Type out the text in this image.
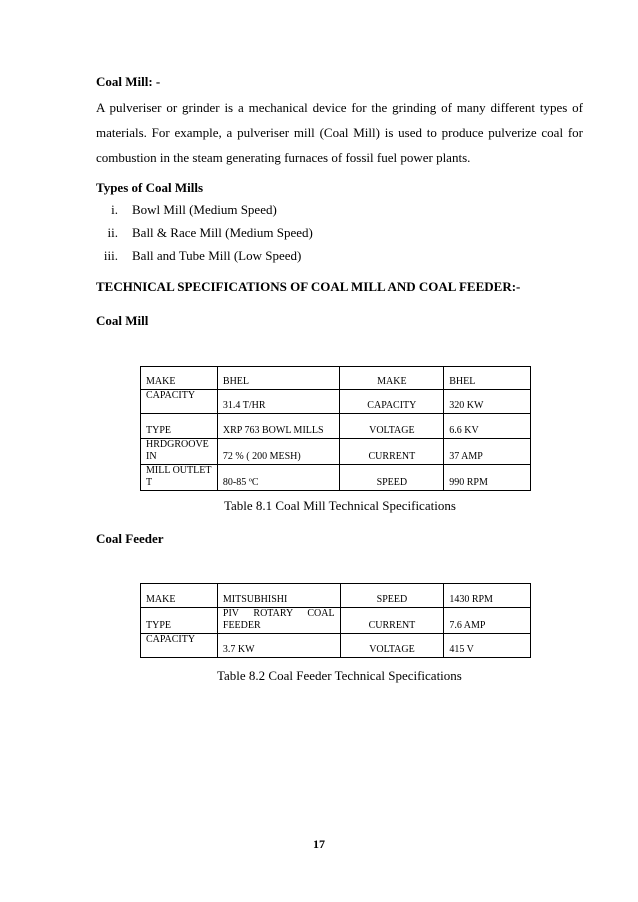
Coal Mill: -

A pulveriser or grinder is a mechanical device for the grinding of many different types of materials. For example, a pulveriser mill (Coal Mill) is used to produce pulverize coal for combustion in the steam generating furnaces of fossil fuel power plants.

Types of Coal Mills
i. Bowl Mill (Medium Speed)
ii. Ball & Race Mill (Medium Speed)
iii. Ball and Tube Mill (Low Speed)
TECHNICAL SPECIFICATIONS OF COAL MILL AND COAL FEEDER:-
Coal Mill
MAKE	BHEL	MAKE	BHEL
CAPACITY	31.4 T/HR	CAPACITY	320 KW
TYPE	XRP 763 BOWL MILLS	VOLTAGE	6.6 KV
HRDGROOVE IN	72 % ( 200 MESH)	CURRENT	37 AMP
MILL OUTLET T	80-85 ºC	SPEED	990 RPM
Table 8.1 Coal Mill Technical Specifications
Coal Feeder
MAKE	MITSUBHISHI	SPEED	1430 RPM
TYPE	PIV ROTARY COAL FEEDER	CURRENT	7.6 AMP
CAPACITY	3.7 KW	VOLTAGE	415 V
Table 8.2 Coal Feeder Technical Specifications
17
